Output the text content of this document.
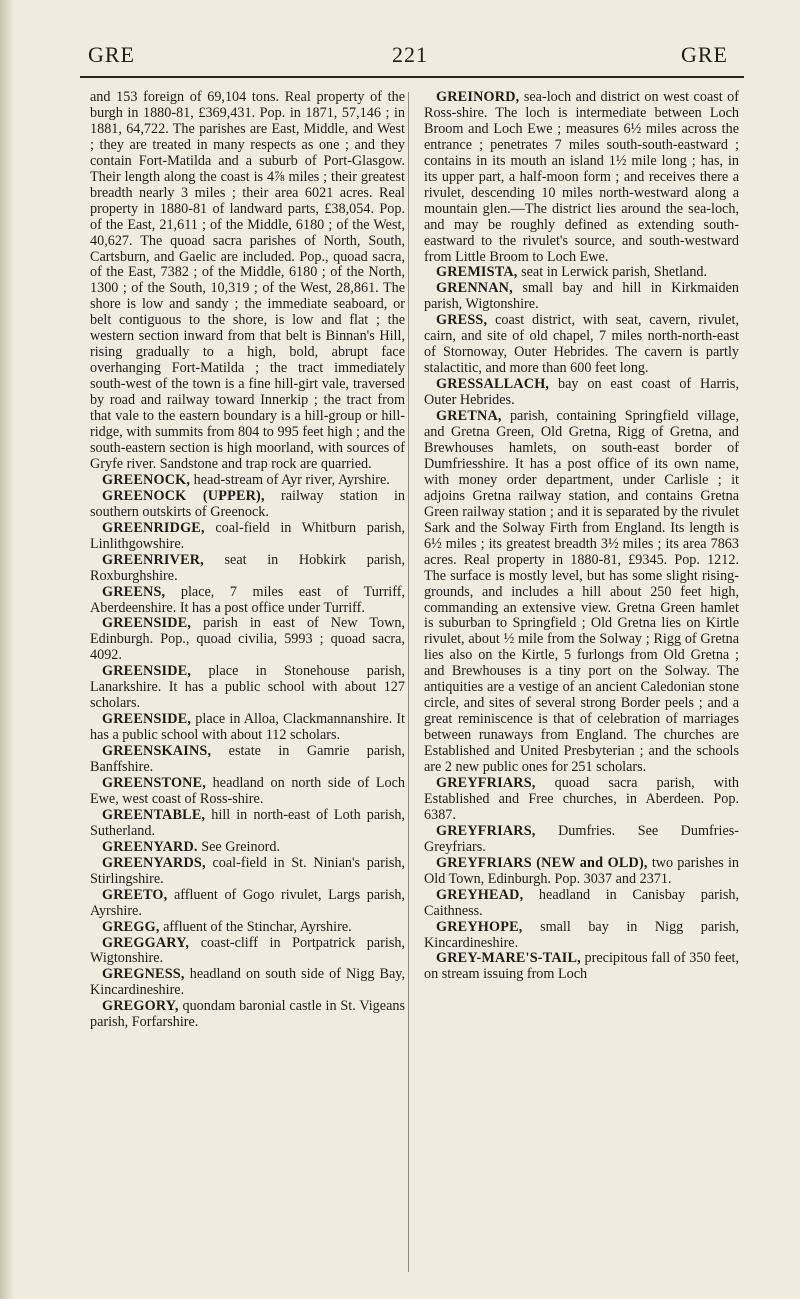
GRE	221	GRE

and 153 foreign of 69,104 tons. Real property of the burgh in 1880-81, £369,431. Pop. in 1871, 57,146 ; in 1881, 64,722. The parishes are East, Middle, and West ; they are treated in many respects as one ; and they contain Fort-Matilda and a suburb of Port-Glasgow. Their length along the coast is 4⅞ miles ; their greatest breadth nearly 3 miles ; their area 6021 acres. Real property in 1880-81 of landward parts, £38,054. Pop. of the East, 21,611 ; of the Middle, 6180 ; of the West, 40,627. The quoad sacra parishes of North, South, Cartsburn, and Gaelic are included. Pop., quoad sacra, of the East, 7382 ; of the Middle, 6180 ; of the North, 1300 ; of the South, 10,319 ; of the West, 28,861. The shore is low and sandy ; the immediate seaboard, or belt contiguous to the shore, is low and flat ; the western section inward from that belt is Binnan's Hill, rising gradually to a high, bold, abrupt face overhanging Fort-Matilda ; the tract immediately south-west of the town is a fine hill-girt vale, traversed by road and railway toward Innerkip ; the tract from that vale to the eastern boundary is a hill-group or hill-ridge, with summits from 804 to 995 feet high ; and the south-eastern section is high moorland, with sources of Gryfe river. Sandstone and trap rock are quarried.

GREENOCK, head-stream of Ayr river, Ayrshire.

GREENOCK (UPPER), railway station in southern outskirts of Greenock.

GREENRIDGE, coal-field in Whitburn parish, Linlithgowshire.

GREENRIVER, seat in Hobkirk parish, Roxburghshire.

GREENS, place, 7 miles east of Turriff, Aberdeenshire. It has a post office under Turriff.

GREENSIDE, parish in east of New Town, Edinburgh. Pop., quoad civilia, 5993 ; quoad sacra, 4092.

GREENSIDE, place in Stonehouse parish, Lanarkshire. It has a public school with about 127 scholars.

GREENSIDE, place in Alloa, Clackmannanshire. It has a public school with about 112 scholars.

GREENSKAINS, estate in Gamrie parish, Banffshire.

GREENSTONE, headland on north side of Loch Ewe, west coast of Ross-shire.

GREENTABLE, hill in north-east of Loth parish, Sutherland.

GREENYARD. See Greinord.

GREENYARDS, coal-field in St. Ninian's parish, Stirlingshire.

GREETO, affluent of Gogo rivulet, Largs parish, Ayrshire.

GREGG, affluent of the Stinchar, Ayrshire.

GREGGARY, coast-cliff in Portpatrick parish, Wigtonshire.

GREGNESS, headland on south side of Nigg Bay, Kincardineshire.

GREGORY, quondam baronial castle in St. Vigeans parish, Forfarshire.

GREINORD, sea-loch and district on west coast of Ross-shire. The loch is intermediate between Loch Broom and Loch Ewe ; measures 6½ miles across the entrance ; penetrates 7 miles south-south-eastward ; contains in its mouth an island 1½ mile long ; has, in its upper part, a half-moon form ; and receives there a rivulet, descending 10 miles north-westward along a mountain glen.—The district lies around the sea-loch, and may be roughly defined as extending south-eastward to the rivulet's source, and south-westward from Little Broom to Loch Ewe.

GREMISTA, seat in Lerwick parish, Shetland.

GRENNAN, small bay and hill in Kirkmaiden parish, Wigtonshire.

GRESS, coast district, with seat, cavern, rivulet, cairn, and site of old chapel, 7 miles north-north-east of Stornoway, Outer Hebrides. The cavern is partly stalactitic, and more than 600 feet long.

GRESSALLACH, bay on east coast of Harris, Outer Hebrides.

GRETNA, parish, containing Springfield village, and Gretna Green, Old Gretna, Rigg of Gretna, and Brewhouses hamlets, on south-east border of Dumfriesshire. It has a post office of its own name, with money order department, under Carlisle ; it adjoins Gretna railway station, and contains Gretna Green railway station ; and it is separated by the rivulet Sark and the Solway Firth from England. Its length is 6½ miles ; its greatest breadth 3½ miles ; its area 7863 acres. Real property in 1880-81, £9345. Pop. 1212. The surface is mostly level, but has some slight rising-grounds, and includes a hill about 250 feet high, commanding an extensive view. Gretna Green hamlet is suburban to Springfield ; Old Gretna lies on Kirtle rivulet, about ½ mile from the Solway ; Rigg of Gretna lies also on the Kirtle, 5 furlongs from Old Gretna ; and Brewhouses is a tiny port on the Solway. The antiquities are a vestige of an ancient Caledonian stone circle, and sites of several strong Border peels ; and a great reminiscence is that of celebration of marriages between runaways from England. The churches are Established and United Presbyterian ; and the schools are 2 new public ones for 251 scholars.

GREYFRIARS, quoad sacra parish, with Established and Free churches, in Aberdeen. Pop. 6387.

GREYFRIARS, Dumfries. See Dumfries-Greyfriars.

GREYFRIARS (NEW and OLD), two parishes in Old Town, Edinburgh. Pop. 3037 and 2371.

GREYHEAD, headland in Canisbay parish, Caithness.

GREYHOPE, small bay in Nigg parish, Kincardineshire.

GREY-MARE'S-TAIL, precipitous fall of 350 feet, on stream issuing from Loch
